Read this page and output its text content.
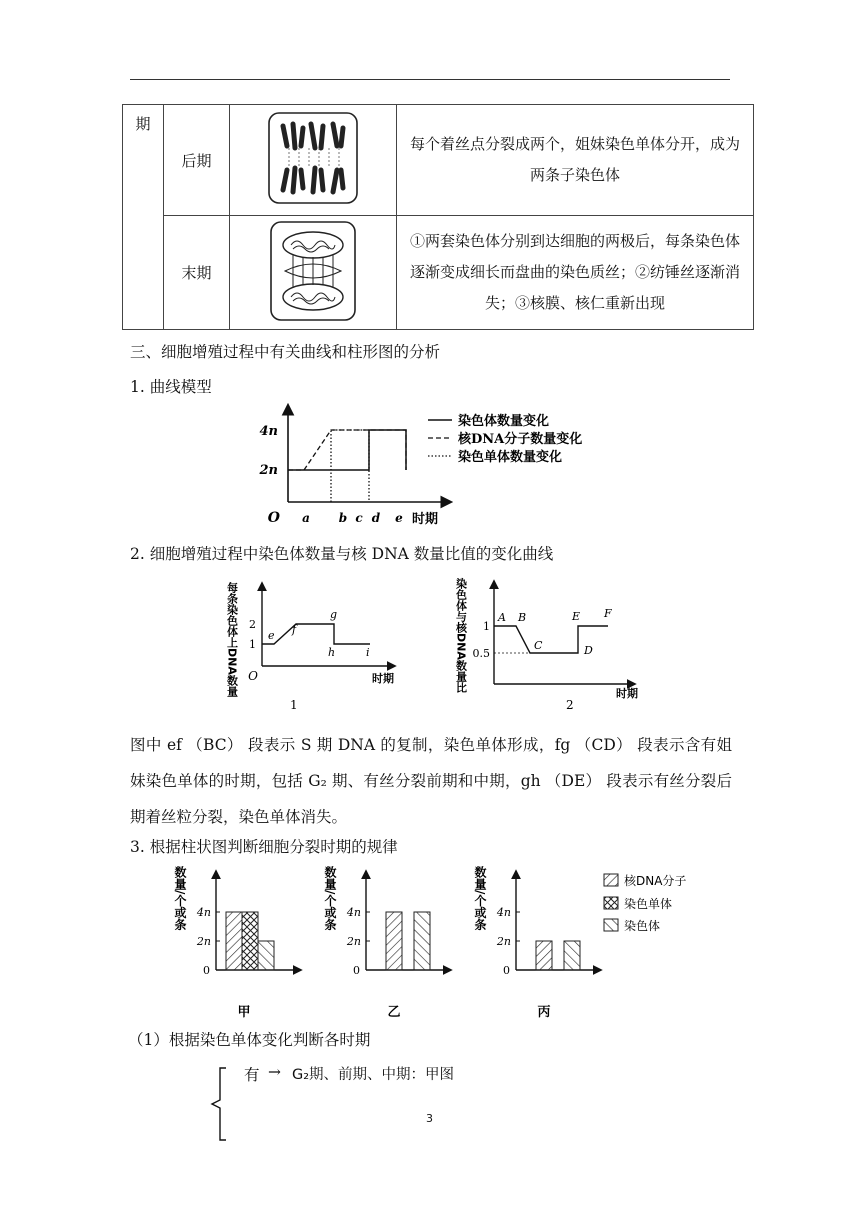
期	后期		每个着丝点分裂成两个，姐妹染色单体分开，成为两条子染色体
	末期		①两套染色体分别到达细胞的两极后，每条染色体逐渐变成细长而盘曲的染色质丝；②纺锤丝逐渐消失；③核膜、核仁重新出现
三、细胞增殖过程中有关曲线和柱形图的分析
1. 曲线模型
4n
2n
O a b c d e 时期
染色体数量变化
核DNA分子数量变化
染色单体数量变化
2. 细胞增殖过程中染色体数量与核 DNA 数量比值的变化曲线
每条染色体上DNA数量 2
1
O
e f
g
h	i
时期
1
染色体与核DNA数量比 1
0.5
A B
C	D
E F
时期
2
图中 ef （BC） 段表示 S 期 DNA 的复制，染色单体形成，fg （CD） 段表示含有姐妹染色单体的时期，包括 G₂ 期、有丝分裂前期和中期，gh （DE） 段表示有丝分裂后期着丝粒分裂，染色单体消失。
3. 根据柱状图判断细胞分裂时期的规律
数量/个或条 4n
2n
0
甲
数量/个或条 4n
2n
0
乙
数量/个或条 4n
2n
0
丙
核DNA分子
染色单体
染色体
（1）根据染色单体变化判断各时期
有 → G₂期、前期、中期：甲图
3
